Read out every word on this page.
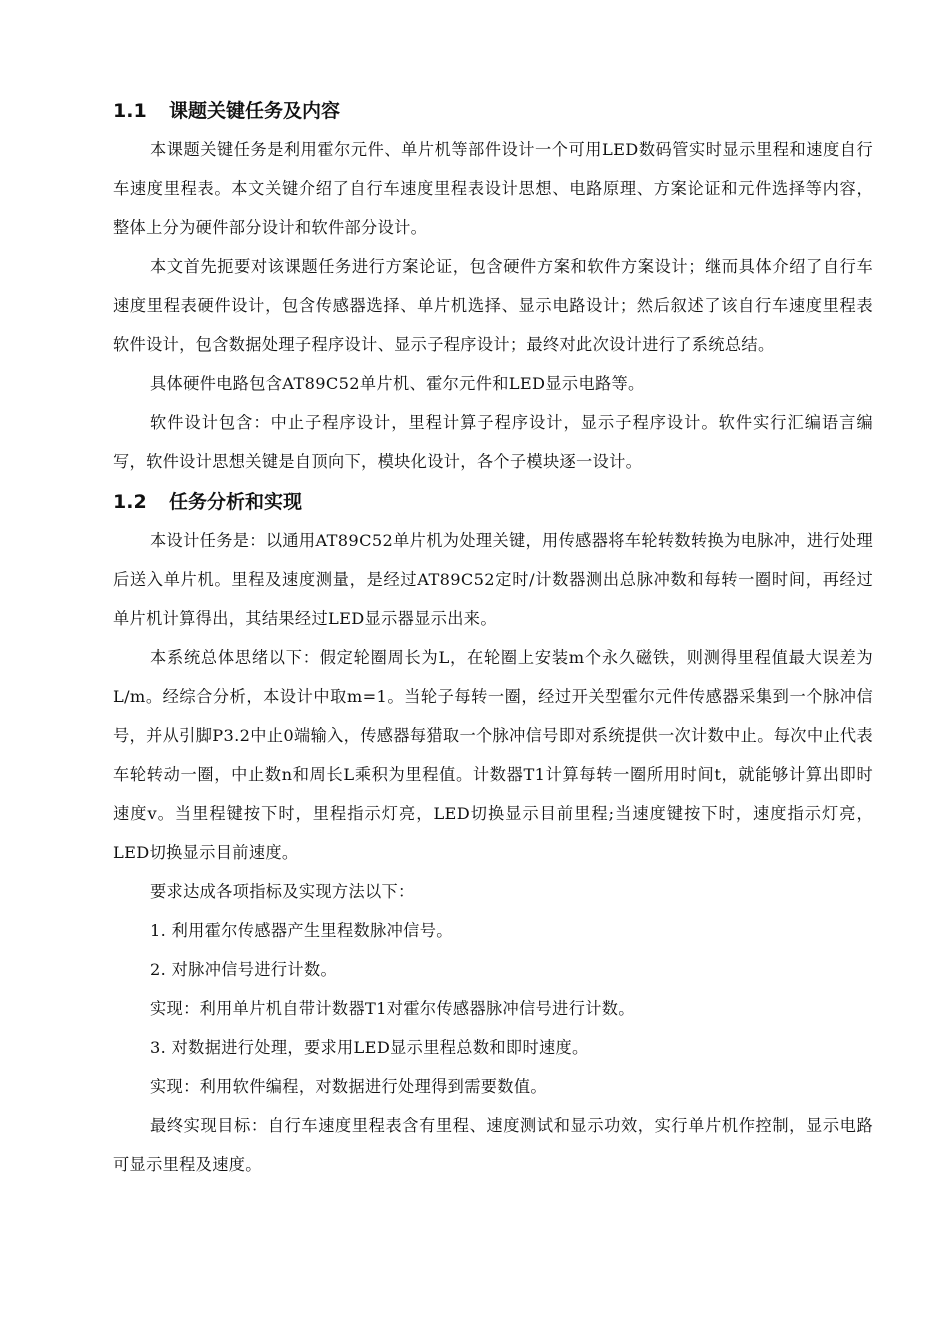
1.1	课题关键任务及内容

本课题关键任务是利用霍尔元件、单片机等部件设计一个可用LED数码管实时显示里程和速度自行车速度里程表。本文关键介绍了自行车速度里程表设计思想、电路原理、方案论证和元件选择等内容，整体上分为硬件部分设计和软件部分设计。

本文首先扼要对该课题任务进行方案论证，包含硬件方案和软件方案设计；继而具体介绍了自行车速度里程表硬件设计，包含传感器选择、单片机选择、显示电路设计；然后叙述了该自行车速度里程表软件设计，包含数据处理子程序设计、显示子程序设计；最终对此次设计进行了系统总结。

具体硬件电路包含AT89C52单片机、霍尔元件和LED显示电路等。

软件设计包含：中止子程序设计，里程计算子程序设计，显示子程序设计。软件实行汇编语言编写，软件设计思想关键是自顶向下，模块化设计，各个子模块逐一设计。

1.2	任务分析和实现

本设计任务是：以通用AT89C52单片机为处理关键，用传感器将车轮转数转换为电脉冲，进行处理后送入单片机。里程及速度测量，是经过AT89C52定时/计数器测出总脉冲数和每转一圈时间，再经过单片机计算得出，其结果经过LED显示器显示出来。

本系统总体思绪以下：假定轮圈周长为L，在轮圈上安装m个永久磁铁，则测得里程值最大误差为L/m。经综合分析，本设计中取m=1。当轮子每转一圈，经过开关型霍尔元件传感器采集到一个脉冲信号，并从引脚P3.2中止0端输入，传感器每猎取一个脉冲信号即对系统提供一次计数中止。每次中止代表车轮转动一圈，中止数n和周长L乘积为里程值。计数器T1计算每转一圈所用时间t，就能够计算出即时速度v。当里程键按下时，里程指示灯亮，LED切换显示目前里程;当速度键按下时，速度指示灯亮，LED切换显示目前速度。

要求达成各项指标及实现方法以下：

1. 利用霍尔传感器产生里程数脉冲信号。

2. 对脉冲信号进行计数。

实现：利用单片机自带计数器T1对霍尔传感器脉冲信号进行计数。

3. 对数据进行处理，要求用LED显示里程总数和即时速度。

实现：利用软件编程，对数据进行处理得到需要数值。

最终实现目标：自行车速度里程表含有里程、速度测试和显示功效，实行单片机作控制，显示电路可显示里程及速度。
